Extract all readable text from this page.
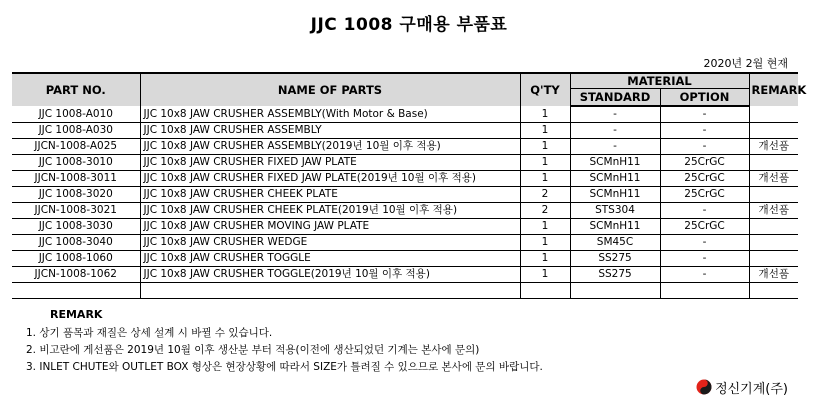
JJC 1008 구매용 부품표
2020년 2월 현재
PART NO.	NAME OF PARTS	Q'TY	MATERIAL		REMARK
			STANDARD	OPTION	
JJC 1008-A010	JJC 10x8 JAW CRUSHER ASSEMBLY(With Motor & Base)	1	-	-	
JJC 1008-A030	JJC 10x8 JAW CRUSHER ASSEMBLY	1	-	-	
JJCN-1008-A025	JJC 10x8 JAW CRUSHER ASSEMBLY(2019년 10월 이후 적용)	1	-	-	개선품
JJC 1008-3010	JJC 10x8 JAW CRUSHER FIXED JAW PLATE	1	SCMnH11	25CrGC	
JJCN-1008-3011	JJC 10x8 JAW CRUSHER FIXED JAW PLATE(2019년 10월 이후 적용)	1	SCMnH11	25CrGC	개선품
JJC 1008-3020	JJC 10x8 JAW CRUSHER CHEEK PLATE	2	SCMnH11	25CrGC	
JJCN-1008-3021	JJC 10x8 JAW CRUSHER CHEEK PLATE(2019년 10월 이후 적용)	2	STS304	-	개선품
JJC 1008-3030	JJC 10x8 JAW CRUSHER MOVING JAW PLATE	1	SCMnH11	25CrGC	
JJC 1008-3040	JJC 10x8 JAW CRUSHER WEDGE	1	SM45C	-	
JJC 1008-1060	JJC 10x8 JAW CRUSHER TOGGLE	1	SS275	-	
JJCN-1008-1062	JJC 10x8 JAW CRUSHER TOGGLE(2019년 10월 이후 적용)	1	SS275	-	개선품

REMARK
1. 상기 품목과 재질은 상세 설계 시 바뀔 수 있습니다.
2. 비고란에 게선품은 2019년 10월 이후 생산분 부터 적용(이전에 생산되었던 기계는 본사에 문의)
3. INLET CHUTE와 OUTLET BOX 형상은 현장상황에 따라서 SIZE가 틀려질 수 있으므로 본사에 문의 바랍니다.
정신기계(주)
